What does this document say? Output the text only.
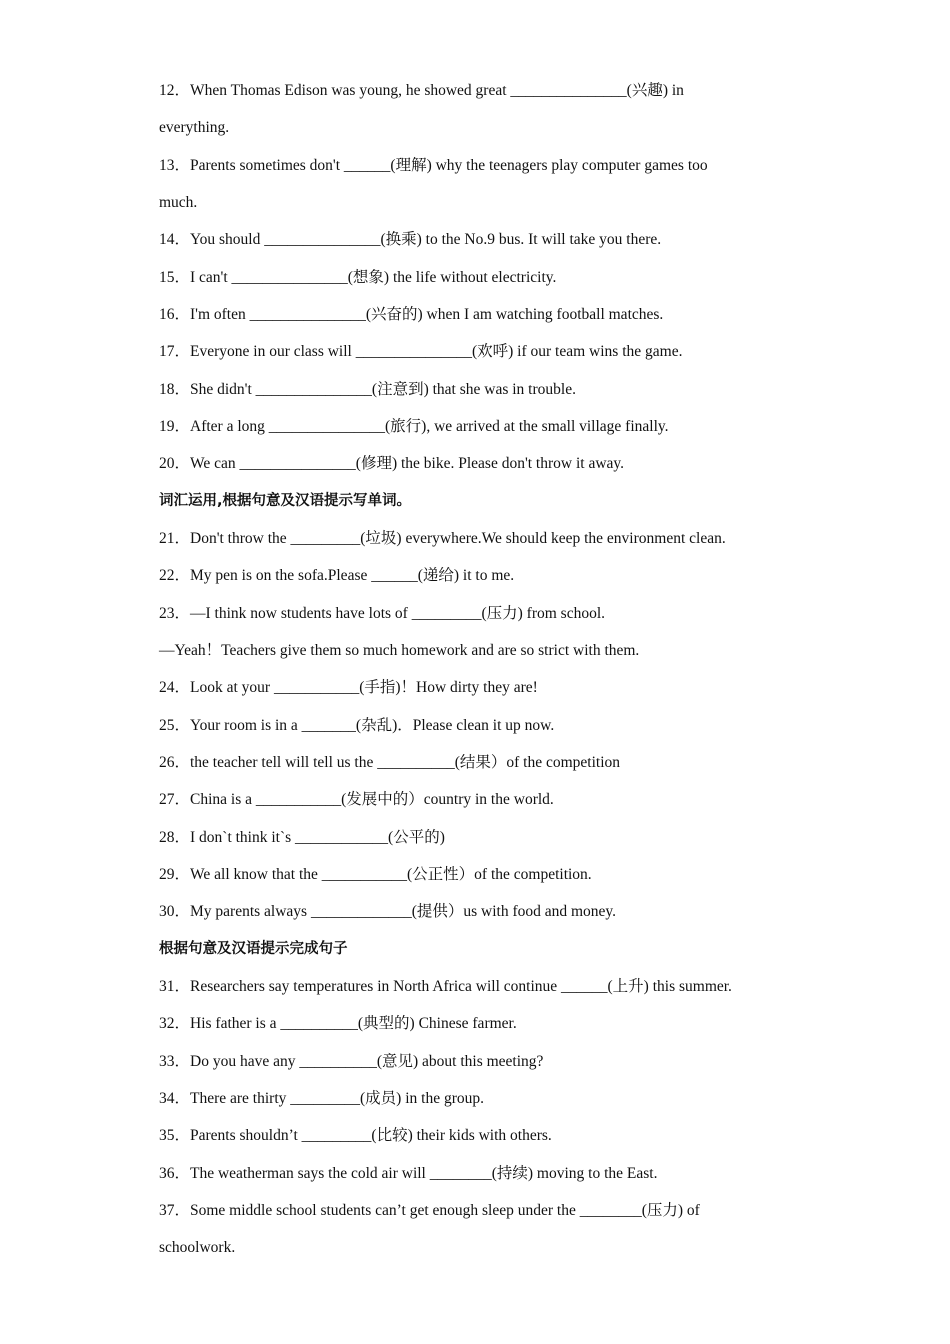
12．When Thomas Edison was young, he showed great _______________(兴趣) in
everything.
13．Parents sometimes don't ______(理解) why the teenagers play computer games too
much.
14．You should _______________(换乘) to the No.9 bus. It will take you there.
15．I can't _______________(想象) the life without electricity.
16．I'm often _______________(兴奋的) when I am watching football matches.
17．Everyone in our class will _______________(欢呼) if our team wins the game.
18．She didn't _______________(注意到) that she was in trouble.
19．After a long _______________(旅行), we arrived at the small village finally.
20．We can _______________(修理) the bike. Please don't throw it away.
词汇运用,根据句意及汉语提示写单词。
21．Don't throw the _________(垃圾) everywhere.We should keep the environment clean.
22．My pen is on the sofa.Please ______(递给) it to me.
23．—I think now students have lots of _________(压力) from school.
—Yeah！Teachers give them so much homework and are so strict with them.
24．Look at your ___________(手指)！How dirty they are!
25．Your room is in a _______(杂乱)．Please clean it up now.
26．the teacher tell will tell us the __________(结果）of the competition
27．China is a ___________(发展中的）country in the world.
28．I don`t think it`s ____________(公平的)
29．We all know that the ___________(公正性）of the competition.
30．My parents always _____________(提供）us with food and money.
根据句意及汉语提示完成句子
31．Researchers say temperatures in North Africa will continue ______(上升) this summer.
32．His father is a __________(典型的) Chinese farmer.
33．Do you have any __________(意见) about this meeting?
34．There are thirty _________(成员) in the group.
35．Parents shouldn’t _________(比较) their kids with others.
36．The weatherman says the cold air will ________(持续) moving to the East.
37．Some middle school students can’t get enough sleep under the ________(压力) of
schoolwork.
